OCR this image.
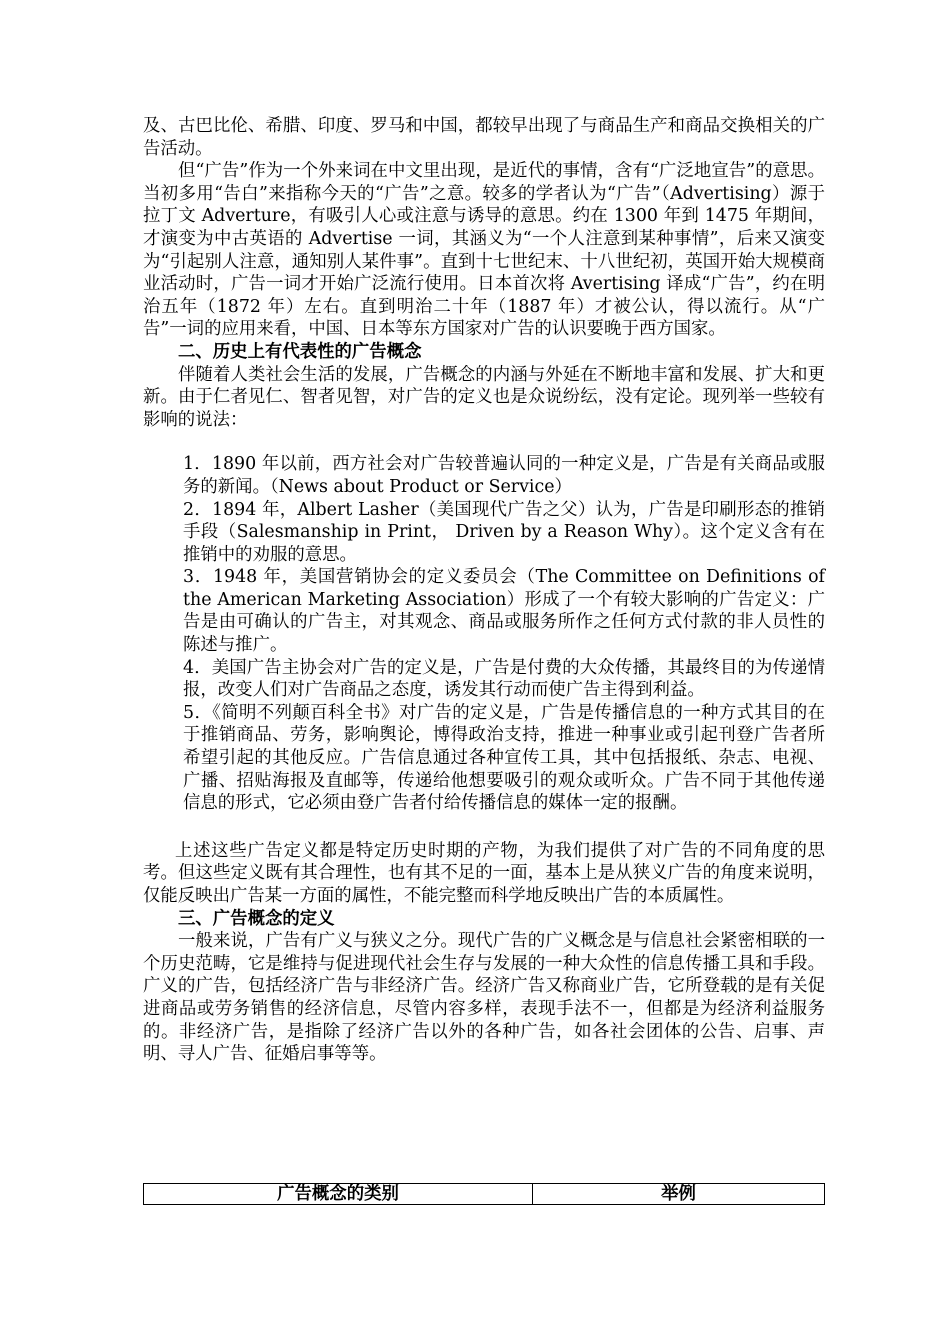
及、古巴比伦、希腊、印度、罗马和中国，都较早出现了与商品生产和商品交换相关的广告活动。

但“广告”作为一个外来词在中文里出现，是近代的事情，含有“广泛地宣告”的意思。当初多用“告白”来指称今天的“广告”之意。较多的学者认为“广告”（Advertising）源于拉丁文 Adverture，有吸引人心或注意与诱导的意思。约在 1300 年到 1475 年期间，才演变为中古英语的 Advertise 一词，其涵义为“一个人注意到某种事情”，后来又演变为“引起别人注意，通知别人某件事”。直到十七世纪末、十八世纪初，英国开始大规模商业活动时，广告一词才开始广泛流行使用。日本首次将 Avertising 译成“广告”，约在明治五年（1872 年）左右。直到明治二十年（1887 年）才被公认，得以流行。从“广告”一词的应用来看，中国、日本等东方国家对广告的认识要晚于西方国家。

二、历史上有代表性的广告概念

伴随着人类社会生活的发展，广告概念的内涵与外延在不断地丰富和发展、扩大和更新。由于仁者见仁、智者见智，对广告的定义也是众说纷纭，没有定论。现列举一些较有影响的说法：

1．1890 年以前，西方社会对广告较普遍认同的一种定义是，广告是有关商品或服务的新闻。（News about Product or Service）

2．1894 年，Albert Lasher（美国现代广告之父）认为，广告是印刷形态的推销手段（Salesmanship in Print， Driven by a Reason Why）。这个定义含有在推销中的劝服的意思。

3．1948 年，美国营销协会的定义委员会（The Committee on Definitions of the American Marketing Association）形成了一个有较大影响的广告定义：广告是由可确认的广告主，对其观念、商品或服务所作之任何方式付款的非人员性的陈述与推广。

4．美国广告主协会对广告的定义是，广告是付费的大众传播，其最终目的为传递情报，改变人们对广告商品之态度，诱发其行动而使广告主得到利益。

5．《简明不列颠百科全书》对广告的定义是，广告是传播信息的一种方式其目的在于推销商品、劳务，影响舆论，博得政治支持，推进一种事业或引起刊登广告者所希望引起的其他反应。广告信息通过各种宣传工具，其中包括报纸、杂志、电视、广播、招贴海报及直邮等，传递给他想要吸引的观众或听众。广告不同于其他传递信息的形式，它必须由登广告者付给传播信息的媒体一定的报酬。

上述这些广告定义都是特定历史时期的产物，为我们提供了对广告的不同角度的思考。但这些定义既有其合理性，也有其不足的一面，基本上是从狭义广告的角度来说明，仅能反映出广告某一方面的属性，不能完整而科学地反映出广告的本质属性。

三、广告概念的定义

一般来说，广告有广义与狭义之分。现代广告的广义概念是与信息社会紧密相联的一个历史范畴，它是维持与促进现代社会生存与发展的一种大众性的信息传播工具和手段。广义的广告，包括经济广告与非经济广告。经济广告又称商业广告，它所登载的是有关促进商品或劳务销售的经济信息，尽管内容多样，表现手法不一，但都是为经济利益服务的。非经济广告，是指除了经济广告以外的各种广告，如各社会团体的公告、启事、声明、寻人广告、征婚启事等等。

广告概念的类别	举例
